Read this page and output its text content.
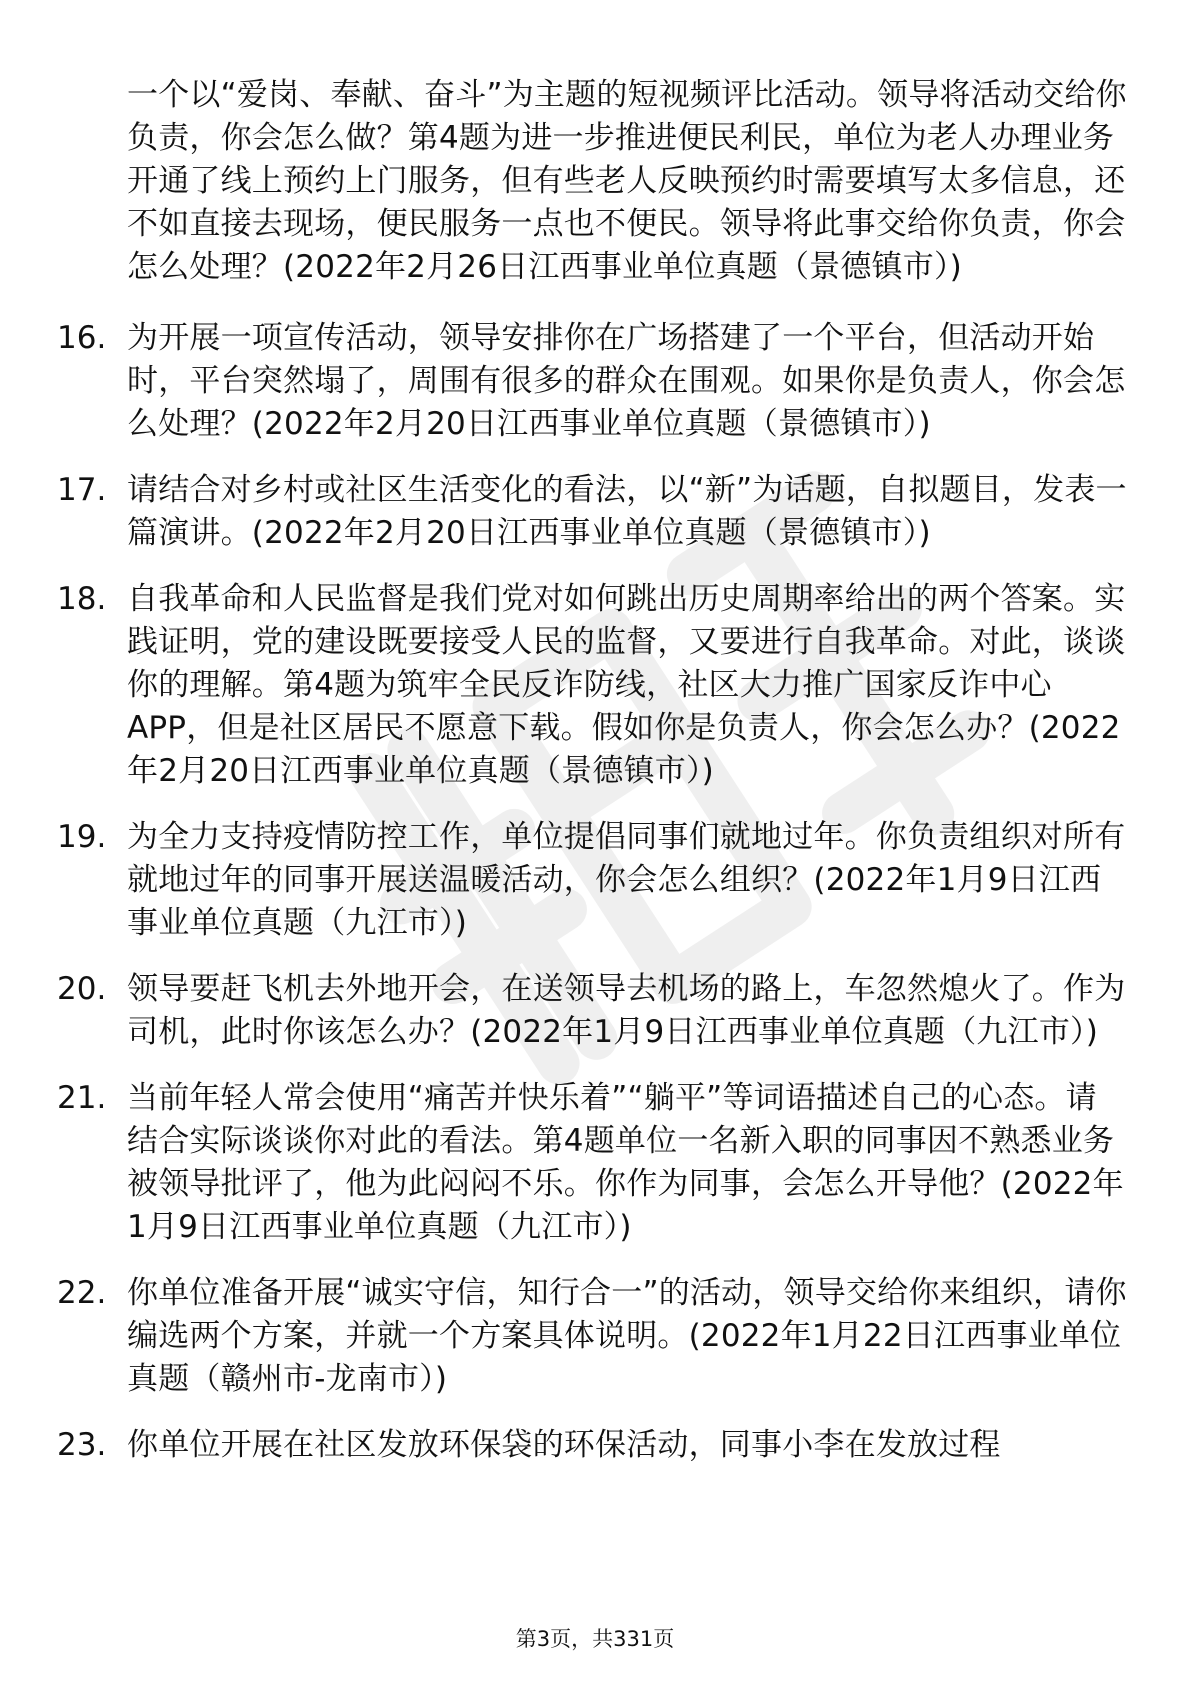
一个以“爱岗、奉献、奋斗”为主题的短视频评比活动。领导将活动交给你负责，你会怎么做？第4题为进一步推进便民利民，单位为老人办理业务开通了线上预约上门服务，但有些老人反映预约时需要填写太多信息，还不如直接去现场，便民服务一点也不便民。领导将此事交给你负责，你会怎么处理？(2022年2月26日江西事业单位真题（景德镇市）)

16. 为开展一项宣传活动，领导安排你在广场搭建了一个平台，但活动开始时，平台突然塌了，周围有很多的群众在围观。如果你是负责人，你会怎么处理？(2022年2月20日江西事业单位真题（景德镇市）)
17. 请结合对乡村或社区生活变化的看法，以“新”为话题，自拟题目，发表一篇演讲。(2022年2月20日江西事业单位真题（景德镇市）)
18. 自我革命和人民监督是我们党对如何跳出历史周期率给出的两个答案。实践证明，党的建设既要接受人民的监督，又要进行自我革命。对此，谈谈你的理解。第4题为筑牢全民反诈防线，社区大力推广国家反诈中心APP，但是社区居民不愿意下载。假如你是负责人，你会怎么办？(2022年2月20日江西事业单位真题（景德镇市）)
19. 为全力支持疫情防控工作，单位提倡同事们就地过年。你负责组织对所有就地过年的同事开展送温暖活动，你会怎么组织？(2022年1月9日江西事业单位真题（九江市）)
20. 领导要赶飞机去外地开会，在送领导去机场的路上，车忽然熄火了。作为司机，此时你该怎么办？(2022年1月9日江西事业单位真题（九江市）)
21. 当前年轻人常会使用“痛苦并快乐着”“躺平”等词语描述自己的心态。请结合实际谈谈你对此的看法。第4题单位一名新入职的同事因不熟悉业务被领导批评了，他为此闷闷不乐。你作为同事，会怎么开导他？(2022年1月9日江西事业单位真题（九江市）)
22. 你单位准备开展“诚实守信，知行合一”的活动，领导交给你来组织，请你编选两个方案，并就一个方案具体说明。(2022年1月22日江西事业单位真题（赣州市-龙南市）)
23. 你单位开展在社区发放环保袋的环保活动，同事小李在发放过程
第3页，共331页
